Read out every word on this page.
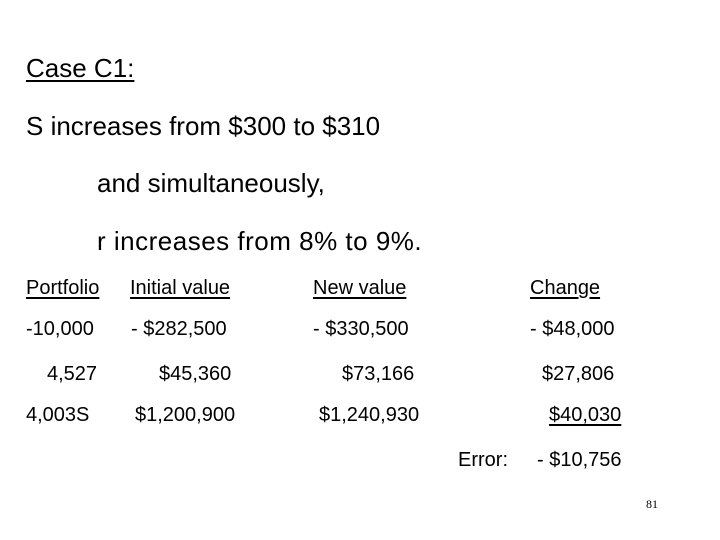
Case C1:
S increases from $300 to $310
and simultaneously,
r increases from 8% to 9%.
Portfolio Initial value	New value	Change
-10,000 - $282,500	- $330,500	- $48,000
4,527	$45,360	$73,166	$27,806
4,003S $1,200,900	$1,240,930	$40,030
Error: - $10,756
81
